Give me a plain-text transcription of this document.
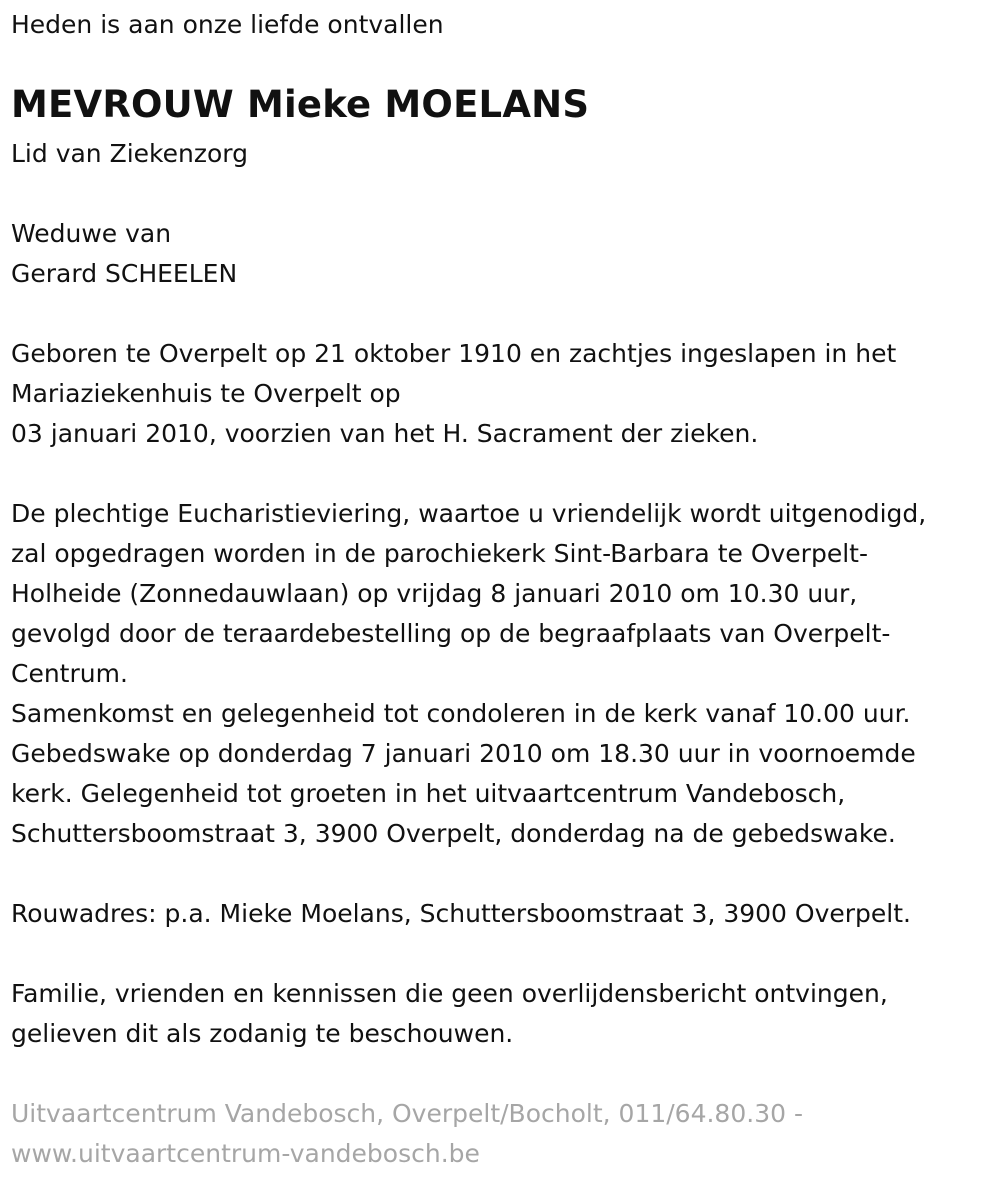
Heden is aan onze liefde ontvallen

MEVROUW Mieke MOELANS

Lid van Ziekenzorg

Weduwe van

Gerard SCHEELEN

Geboren te Overpelt op 21 oktober 1910 en zachtjes ingeslapen in het

Mariaziekenhuis te Overpelt op

03 januari 2010, voorzien van het H. Sacrament der zieken.

De plechtige Eucharistieviering, waartoe u vriendelijk wordt uitgenodigd,

zal opgedragen worden in de parochiekerk Sint-Barbara te Overpelt-

Holheide (Zonnedauwlaan) op vrijdag 8 januari 2010 om 10.30 uur,

gevolgd door de teraardebestelling op de begraafplaats van Overpelt-

Centrum.

Samenkomst en gelegenheid tot condoleren in de kerk vanaf 10.00 uur.

Gebedswake op donderdag 7 januari 2010 om 18.30 uur in voornoemde

kerk. Gelegenheid tot groeten in het uitvaartcentrum Vandebosch,

Schuttersboomstraat 3, 3900 Overpelt, donderdag na de gebedswake.

Rouwadres: p.a. Mieke Moelans, Schuttersboomstraat 3, 3900 Overpelt.

Familie, vrienden en kennissen die geen overlijdensbericht ontvingen,

gelieven dit als zodanig te beschouwen.

Uitvaartcentrum Vandebosch, Overpelt/Bocholt, 011/64.80.30 -

www.uitvaartcentrum-vandebosch.be
